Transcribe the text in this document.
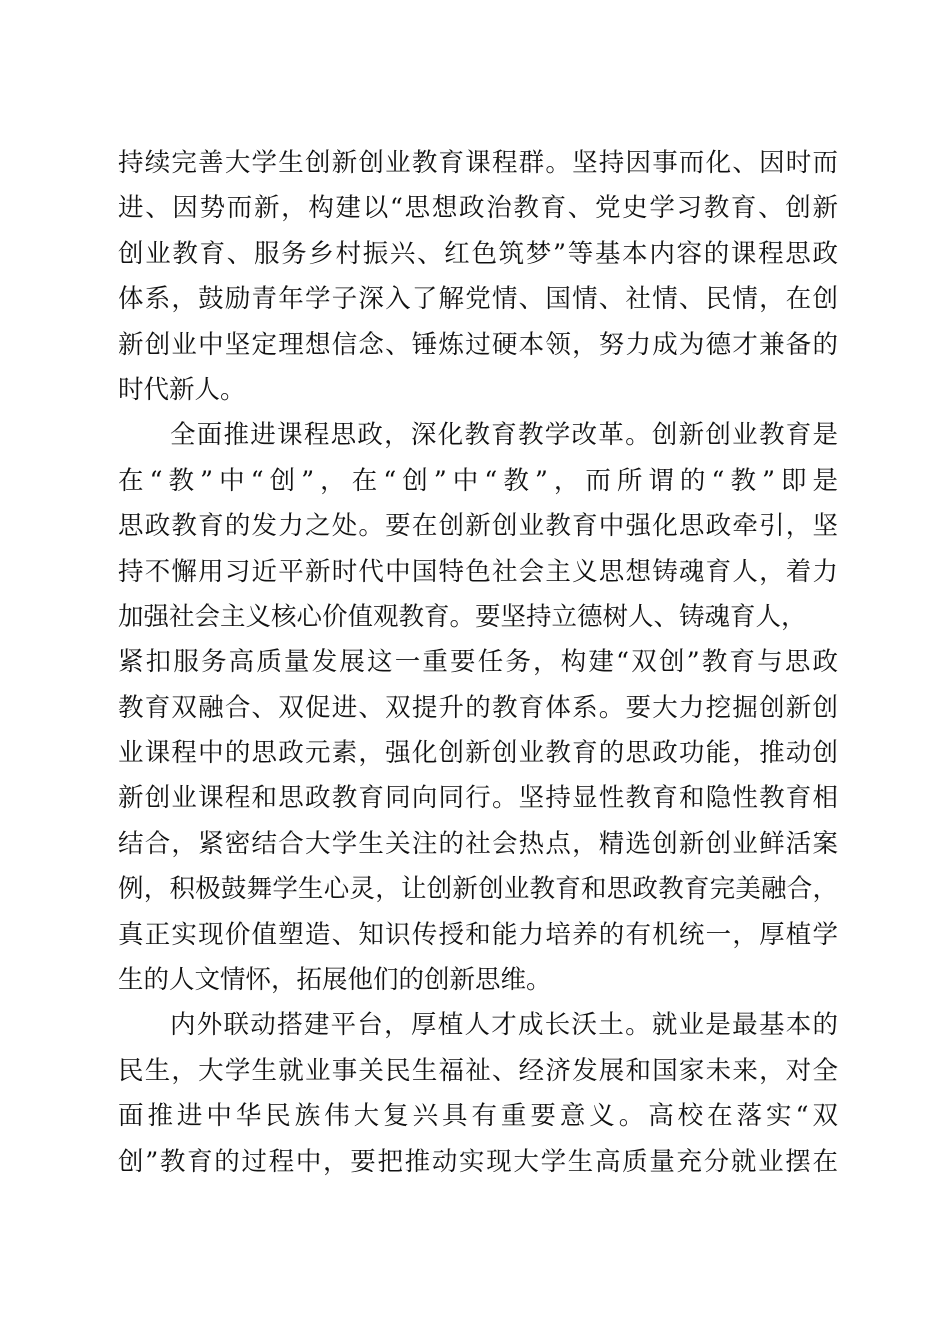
持续完善大学生创新创业教育课程群。坚持因事而化、因时而
进、因势而新，构建以“思想政治教育、党史学习教育、创新
创业教育、服务乡村振兴、红色筑梦”等基本内容的课程思政
体系，鼓励青年学子深入了解党情、国情、社情、民情，在创
新创业中坚定理想信念、锤炼过硬本领，努力成为德才兼备的
时代新人。
全面推进课程思政，深化教育教学改革。创新创业教育是
在“教”中“创”，在“创”中“教”，而所谓的“教”即是
思政教育的发力之处。要在创新创业教育中强化思政牵引，坚
持不懈用习近平新时代中国特色社会主义思想铸魂育人，着力
加强社会主义核心价值观教育。要坚持立德树人、铸魂育人，
紧扣服务高质量发展这一重要任务，构建“双创”教育与思政
教育双融合、双促进、双提升的教育体系。要大力挖掘创新创
业课程中的思政元素，强化创新创业教育的思政功能，推动创
新创业课程和思政教育同向同行。坚持显性教育和隐性教育相
结合，紧密结合大学生关注的社会热点，精选创新创业鲜活案
例，积极鼓舞学生心灵，让创新创业教育和思政教育完美融合，
真正实现价值塑造、知识传授和能力培养的有机统一，厚植学
生的人文情怀，拓展他们的创新思维。
内外联动搭建平台，厚植人才成长沃土。就业是最基本的
民生，大学生就业事关民生福祉、经济发展和国家未来，对全
面推进中华民族伟大复兴具有重要意义。高校在落实“双
创”教育的过程中，要把推动实现大学生高质量充分就业摆在
